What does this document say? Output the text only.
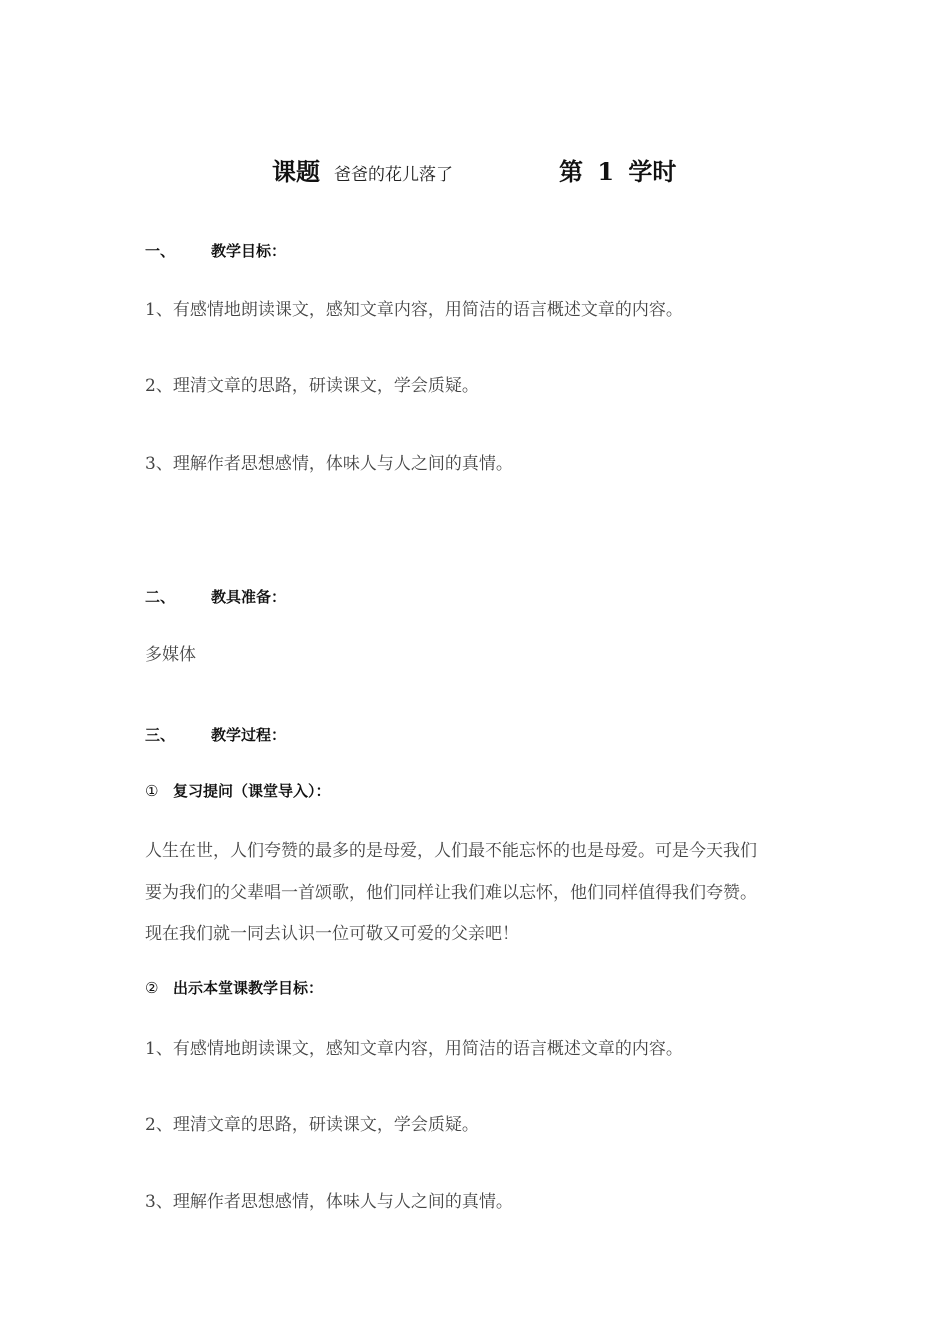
课题 爸爸的花儿落了	第 1 学时
一、 教学目标：
1、有感情地朗读课文，感知文章内容，用简洁的语言概述文章的内容。
2、理清文章的思路，研读课文，学会质疑。
3、理解作者思想感情，体味人与人之间的真情。
二、 教具准备：
多媒体
三、 教学过程：
① 复习提问（课堂导入）：
人生在世，人们夸赞的最多的是母爱，人们最不能忘怀的也是母爱。可是今天我们
要为我们的父辈唱一首颂歌，他们同样让我们难以忘怀，他们同样值得我们夸赞。
现在我们就一同去认识一位可敬又可爱的父亲吧！
② 出示本堂课教学目标：
1、有感情地朗读课文，感知文章内容，用简洁的语言概述文章的内容。
2、理清文章的思路，研读课文，学会质疑。
3、理解作者思想感情，体味人与人之间的真情。
